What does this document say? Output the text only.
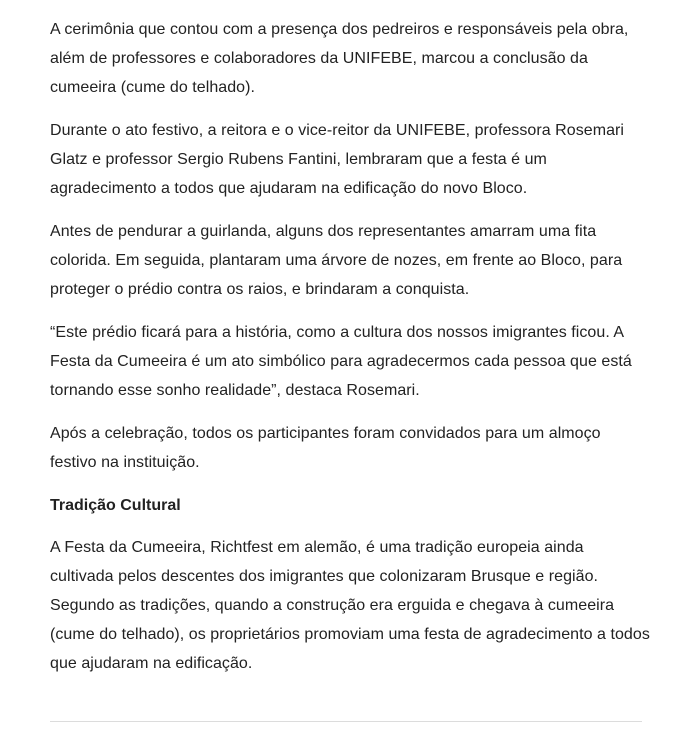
A cerimônia que contou com a presença dos pedreiros e responsáveis pela obra, além de professores e colaboradores da UNIFEBE, marcou a conclusão da cumeeira (cume do telhado).

Durante o ato festivo, a reitora e o vice-reitor da UNIFEBE, professora Rosemari Glatz e professor Sergio Rubens Fantini, lembraram que a festa é um agradecimento a todos que ajudaram na edificação do novo Bloco.

Antes de pendurar a guirlanda, alguns dos representantes amarram uma fita colorida. Em seguida, plantaram uma árvore de nozes, em frente ao Bloco, para proteger o prédio contra os raios, e brindaram a conquista.

“Este prédio ficará para a história, como a cultura dos nossos imigrantes ficou. A Festa da Cumeeira é um ato simbólico para agradecermos cada pessoa que está tornando esse sonho realidade”, destaca Rosemari.

Após a celebração, todos os participantes foram convidados para um almoço festivo na instituição.

Tradição Cultural

A Festa da Cumeeira, Richtfest em alemão, é uma tradição europeia ainda cultivada pelos descentes dos imigrantes que colonizaram Brusque e região. Segundo as tradições, quando a construção era erguida e chegava à cumeeira (cume do telhado), os proprietários promoviam uma festa de agradecimento a todos que ajudaram na edificação.
